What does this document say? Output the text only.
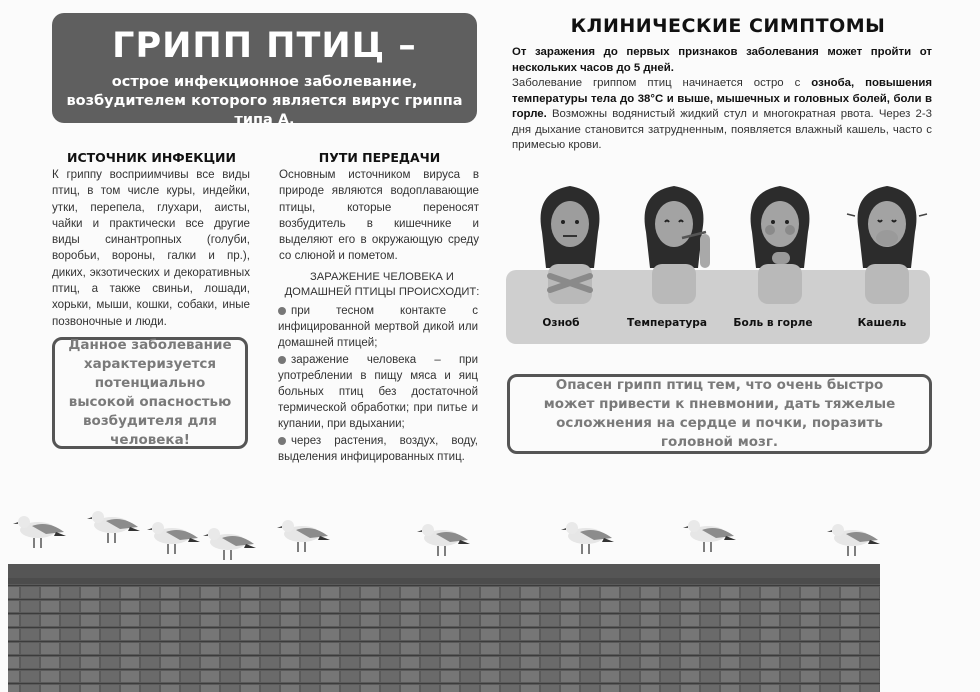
ГРИПП ПТИЦ –
острое инфекционное заболевание, возбудителем которого является вирус гриппа типа А.
ИСТОЧНИК ИНФЕКЦИИ
К гриппу восприимчивы все виды птиц, в том числе куры, индейки, утки, перепела, глухари, аисты, чайки и практически все другие виды синантропных (голуби, воробьи, вороны, галки и пр.), диких, экзотических и декоративных птиц, а также свиньи, лошади, хорьки, мыши, кошки, собаки, иные позвоночные и люди.
Данное заболевание характеризуется потенциально высокой опасностью возбудителя для человека!
ПУТИ ПЕРЕДАЧИ
Основным источником вируса в природе являются водоплавающие птицы, которые переносят возбудитель в кишечнике и выделяют его в окружающую среду со слюной и пометом.
ЗАРАЖЕНИЕ ЧЕЛОВЕКА И ДОМАШНЕЙ ПТИЦЫ ПРОИСХОДИТ:
при тесном контакте с инфицированной мертвой дикой или домашней птицей;
заражение человека – при употреблении в пищу мяса и яиц больных птиц без достаточной термической обработки; при питье и купании, при вдыхании;
через растения, воздух, воду, выделения инфицированных птиц.
КЛИНИЧЕСКИЕ СИМПТОМЫ
От заражения до первых признаков заболевания может пройти от нескольких часов до 5 дней.
Заболевание гриппом птиц начинается остро с озноба, повышения температуры тела до 38°С и выше, мышечных и головных болей, боли в горле. Возможны водянистый жидкий стул и многократная рвота. Через 2-3 дня дыхание становится затрудненным, появляется влажный кашель, часто с примесью крови.
Озноб	Температура	Боль в горле	Кашель
Опасен грипп птиц тем, что очень быстро может привести к пневмонии, дать тяжелые осложнения на сердце и почки, поразить головной мозг.
